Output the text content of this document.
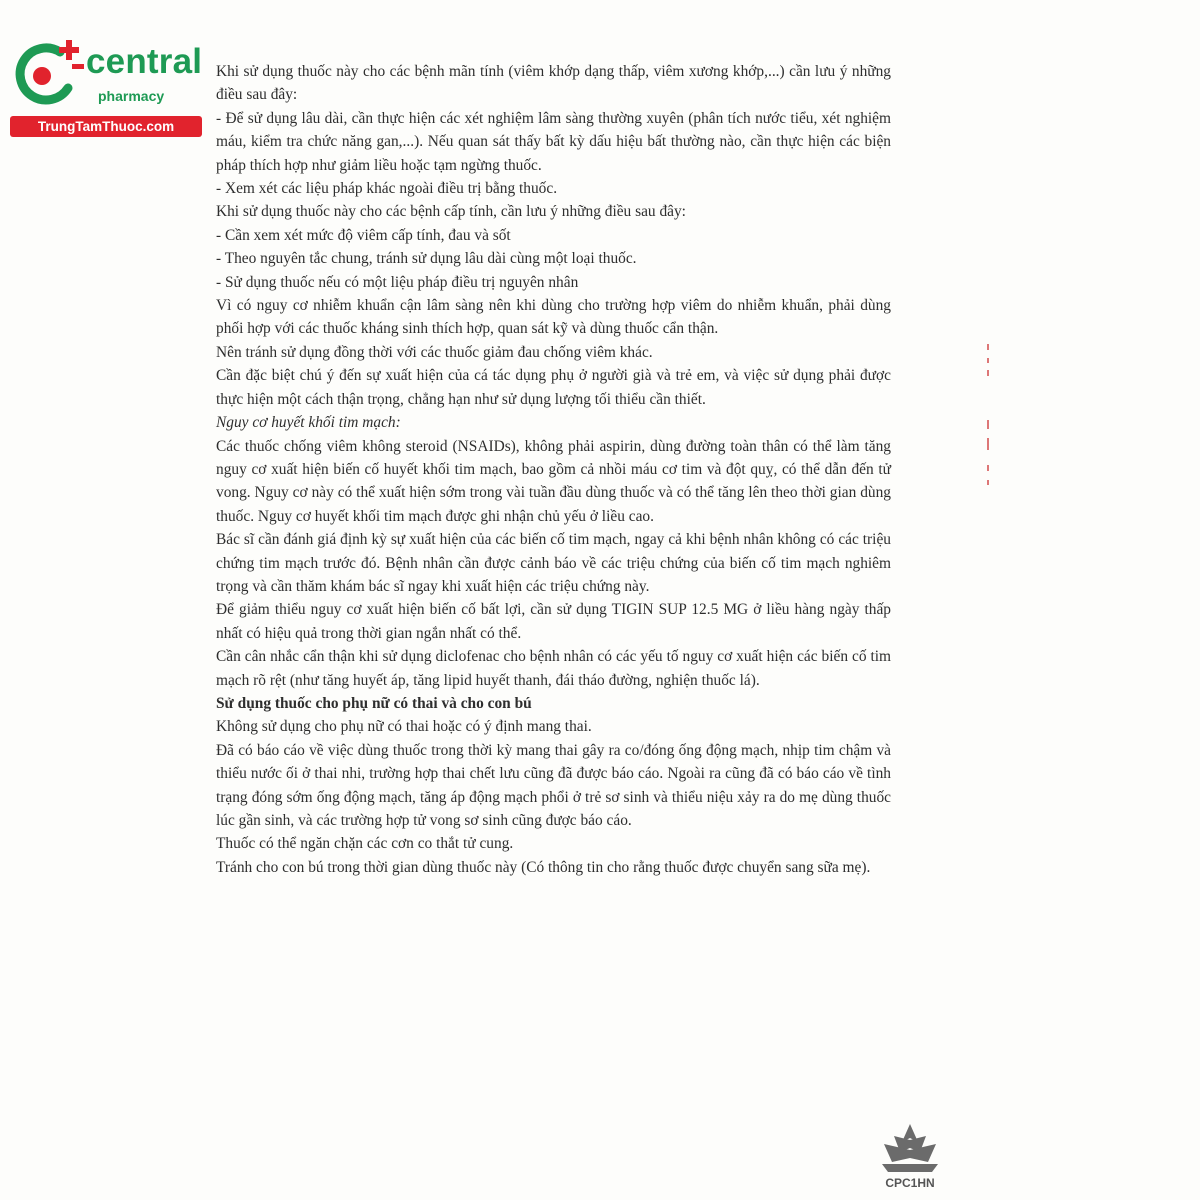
central
pharmacy
TrungTamThuoc.com

Khi sử dụng thuốc này cho các bệnh mãn tính (viêm khớp dạng thấp, viêm xương khớp,...) cần lưu ý những điều sau đây:

- Để sử dụng lâu dài, cần thực hiện các xét nghiệm lâm sàng thường xuyên (phân tích nước tiểu, xét nghiệm máu, kiểm tra chức năng gan,...). Nếu quan sát thấy bất kỳ dấu hiệu bất thường nào, cần thực hiện các biện pháp thích hợp như giảm liều hoặc tạm ngừng thuốc.

- Xem xét các liệu pháp khác ngoài điều trị bằng thuốc.

Khi sử dụng thuốc này cho các bệnh cấp tính, cần lưu ý những điều sau đây:

- Cần xem xét mức độ viêm cấp tính, đau và sốt

- Theo nguyên tắc chung, tránh sử dụng lâu dài cùng một loại thuốc.

- Sử dụng thuốc nếu có một liệu pháp điều trị nguyên nhân

Vì có nguy cơ nhiễm khuẩn cận lâm sàng nên khi dùng cho trường hợp viêm do nhiễm khuẩn, phải dùng phối hợp với các thuốc kháng sinh thích hợp, quan sát kỹ và dùng thuốc cẩn thận.

Nên tránh sử dụng đồng thời với các thuốc giảm đau chống viêm khác.

Cần đặc biệt chú ý đến sự xuất hiện của cá tác dụng phụ ở người già và trẻ em, và việc sử dụng phải được thực hiện một cách thận trọng, chẳng hạn như sử dụng lượng tối thiểu cần thiết.

Nguy cơ huyết khối tim mạch:

Các thuốc chống viêm không steroid (NSAIDs), không phải aspirin, dùng đường toàn thân có thể làm tăng nguy cơ xuất hiện biến cố huyết khối tim mạch, bao gồm cả nhồi máu cơ tim và đột quỵ, có thể dẫn đến tử vong. Nguy cơ này có thể xuất hiện sớm trong vài tuần đầu dùng thuốc và có thể tăng lên theo thời gian dùng thuốc. Nguy cơ huyết khối tim mạch được ghi nhận chủ yếu ở liều cao.

Bác sĩ cần đánh giá định kỳ sự xuất hiện của các biến cố tim mạch, ngay cả khi bệnh nhân không có các triệu chứng tim mạch trước đó. Bệnh nhân cần được cảnh báo về các triệu chứng của biến cố tim mạch nghiêm trọng và cần thăm khám bác sĩ ngay khi xuất hiện các triệu chứng này.

Để giảm thiểu nguy cơ xuất hiện biến cố bất lợi, cần sử dụng TIGIN SUP 12.5 MG ở liều hàng ngày thấp nhất có hiệu quả trong thời gian ngắn nhất có thể.

Cần cân nhắc cẩn thận khi sử dụng diclofenac cho bệnh nhân có các yếu tố nguy cơ xuất hiện các biến cố tim mạch rõ rệt (như tăng huyết áp, tăng lipid huyết thanh, đái tháo đường, nghiện thuốc lá).

Sử dụng thuốc cho phụ nữ có thai và cho con bú

Không sử dụng cho phụ nữ có thai hoặc có ý định mang thai.

Đã có báo cáo về việc dùng thuốc trong thời kỳ mang thai gây ra co/đóng ống động mạch, nhịp tim chậm và thiểu nước ối ở thai nhi, trường hợp thai chết lưu cũng đã được báo cáo. Ngoài ra cũng đã có báo cáo về tình trạng đóng sớm ống động mạch, tăng áp động mạch phổi ở trẻ sơ sinh và thiểu niệu xảy ra do mẹ dùng thuốc lúc gần sinh, và các trường hợp tử vong sơ sinh cũng được báo cáo.

Thuốc có thể ngăn chặn các cơn co thắt tử cung.

Tránh cho con bú trong thời gian dùng thuốc này (Có thông tin cho rằng thuốc được chuyển sang sữa mẹ).

CPC1HN
